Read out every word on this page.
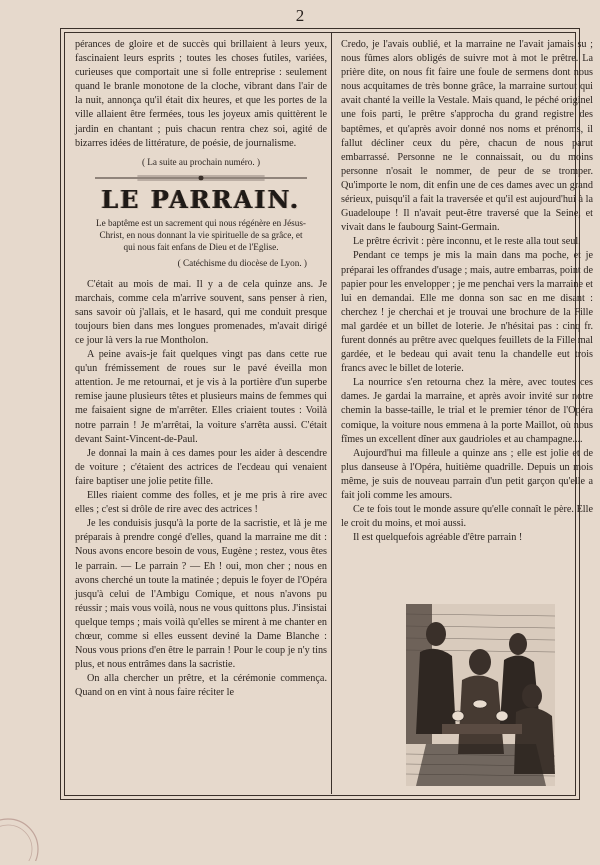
2

pérances de gloire et de succès qui brillaient à leurs yeux, fascinaient leurs esprits ; toutes les choses futiles, variées, curieuses que comportait une si folle entreprise : seulement quand le branle monotone de la cloche, vibrant dans l'air de la nuit, annonça qu'il était dix heures, et que les portes de la ville allaient être fermées, tous les joyeux amis quittèrent le jardin en chantant ; puis chacun rentra chez soi, agité de bizarres idées de littérature, de poésie, de journalisme.

( La suite au prochain numéro. )

LE PARRAIN.

Le baptême est un sacrement qui nous régénère en Jésus-Christ, en nous donnant la vie spirituelle de sa grâce, et qui nous fait enfans de Dieu et de l'Eglise.

( Catéchisme du diocèse de Lyon. )

C'était au mois de mai. Il y a de cela quinze ans. Je marchais, comme cela m'arrive souvent, sans penser à rien, sans savoir où j'allais, et le hasard, qui me conduit presque toujours bien dans mes longues promenades, m'avait dirigé ce jour là vers la rue Montholon.

A peine avais-je fait quelques vingt pas dans cette rue qu'un frémissement de roues sur le pavé éveilla mon attention. Je me retournai, et je vis à la portière d'un superbe remise jaune plusieurs têtes et plusieurs mains de femmes qui me faisaient signe de m'arrêter. Elles criaient toutes : Voilà notre parrain ! Je m'arrêtai, la voiture s'arrêta aussi. C'était devant Saint-Vincent-de-Paul.

Je donnai la main à ces dames pour les aider à descendre de voiture ; c'étaient des actrices de l'ecdeau qui venaient faire baptiser une jolie petite fille.

Elles riaient comme des folles, et je me pris à rire avec elles ; c'est si drôle de rire avec des actrices !

Je les conduisis jusqu'à la porte de la sacristie, et là je me préparais à prendre congé d'elles, quand la marraine me dit : Nous avons encore besoin de vous, Eugène ; restez, vous êtes le parrain. — Le parrain ? — Eh ! oui, mon cher ; nous en avons cherché un toute la matinée ; depuis le foyer de l'Opéra jusqu'à celui de l'Ambigu Comique, et nous n'avons pu réussir ; mais vous voilà, nous ne vous quittons plus. J'insistai quelque temps ; mais voilà qu'elles se mirent à me chanter en chœur, comme si elles eussent deviné la Dame Blanche : Nous vous prions d'en être le parrain ! Pour le coup je n'y tins plus, et nous entrâmes dans la sacristie.

On alla chercher un prêtre, et la cérémonie commença. Quand on en vint à nous faire réciter le

Credo, je l'avais oublié, et la marraine ne l'avait jamais su ; nous fûmes alors obligés de suivre mot à mot le prêtre. La prière dite, on nous fit faire une foule de sermens dont nous nous acquitames de très bonne grâce, la marraine surtout qui avait chanté la veille la Vestale. Mais quand, le péché originel une fois parti, le prêtre s'approcha du grand registre des baptêmes, et qu'après avoir donné nos noms et prénoms, il fallut décliner ceux du père, chacun de nous parut embarrassé. Personne ne le connaissait, ou du moins personne n'osait le nommer, de peur de se tromper. Qu'importe le nom, dit enfin une de ces dames avec un grand sérieux, puisqu'il a fait la traversée et qu'il est aujourd'hui à la Guadeloupe ! Il n'avait peut-être traversé que la Seine, et vivait dans le faubourg Saint-Germain.

Le prêtre écrivit : père inconnu, et le reste alla tout seul.

Pendant ce temps je mis la main dans ma poche, et je préparai les offrandes d'usage ; mais, autre embarras, point de papier pour les envelopper ; je me penchai vers la marraine et lui en demandai. Elle me donna son sac en me disant : cherchez ! je cherchai et je trouvai une brochure de la Fille mal gardée et un billet de loterie. Je n'hésitai pas : cinq fr. furent donnés au prêtre avec quelques feuillets de la Fille mal gardée, et le bedeau qui avait tenu la chandelle eut trois francs avec le billet de loterie.

La nourrice s'en retourna chez la mère, avec toutes ces dames. Je gardai la marraine, et après avoir invité sur notre chemin la basse-taille, le trial et le premier ténor de l'Opéra comique, la voiture nous emmena à la porte Maillot, où nous fîmes un excellent dîner aux gaudrioles et au champagne....

Aujourd'hui ma filleule a quinze ans ; elle est jolie et de plus danseuse à l'Opéra, huitième quadrille. Depuis un mois même, je suis de nouveau parrain d'un petit garçon qu'elle a fait joli comme les amours.

Ce te fois tout le monde assure qu'elle connaît le père. Elle le croit du moins, et moi aussi.

Il est quelquefois agréable d'être parrain !
